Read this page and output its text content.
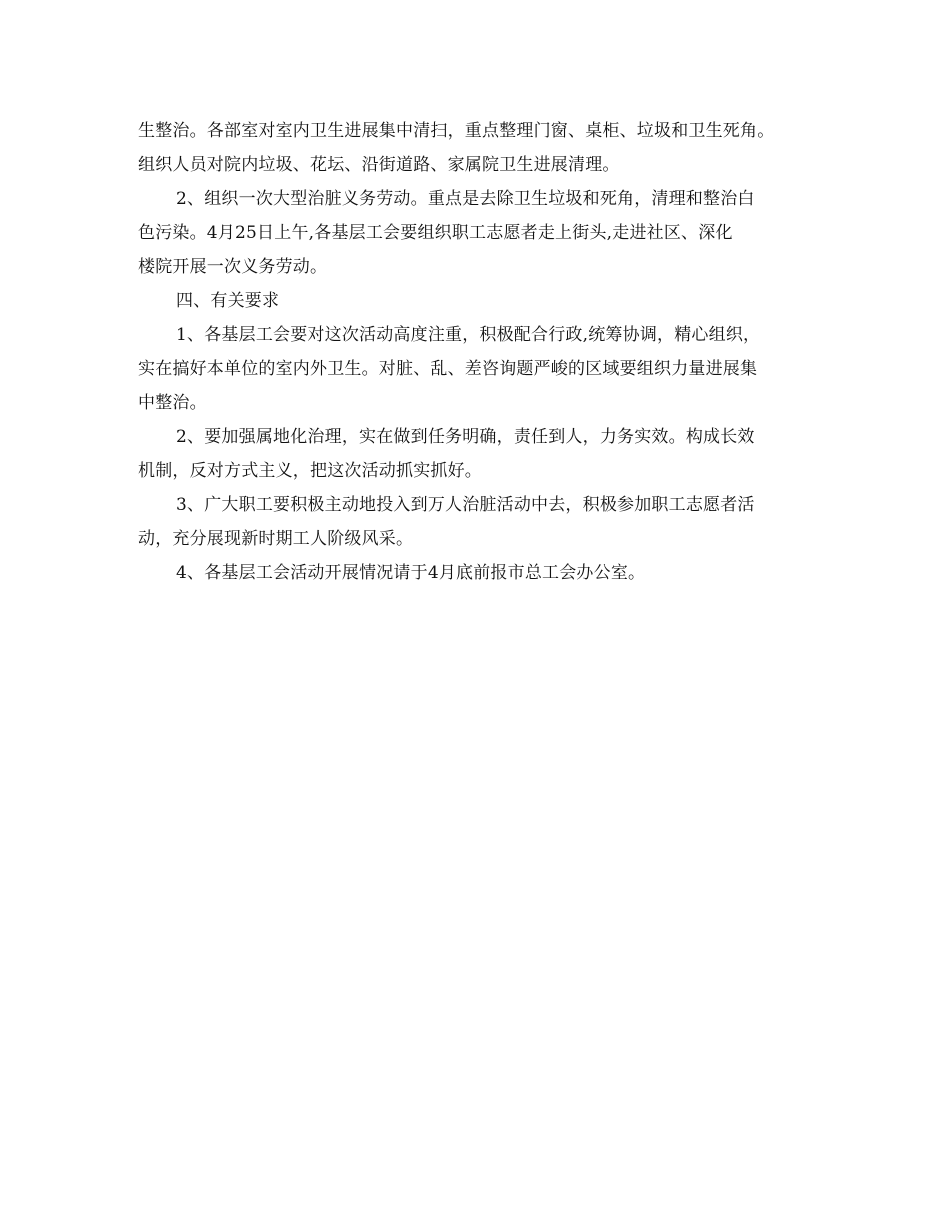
生整治。各部室对室内卫生进展集中清扫，重点整理门窗、桌柜、垃圾和卫生死角。
组织人员对院内垃圾、花坛、沿街道路、家属院卫生进展清理。
2、组织一次大型治脏义务劳动。重点是去除卫生垃圾和死角，清理和整治白
色污染。4月25日上午,各基层工会要组织职工志愿者走上街头,走进社区、深化
楼院开展一次义务劳动。
四、有关要求
1、各基层工会要对这次活动高度注重，积极配合行政,统筹协调，精心组织，
实在搞好本单位的室内外卫生。对脏、乱、差咨询题严峻的区域要组织力量进展集
中整治。
2、要加强属地化治理，实在做到任务明确，责任到人，力务实效。构成长效
机制，反对方式主义，把这次活动抓实抓好。
3、广大职工要积极主动地投入到万人治脏活动中去，积极参加职工志愿者活
动，充分展现新时期工人阶级风采。
4、各基层工会活动开展情况请于4月底前报市总工会办公室。
